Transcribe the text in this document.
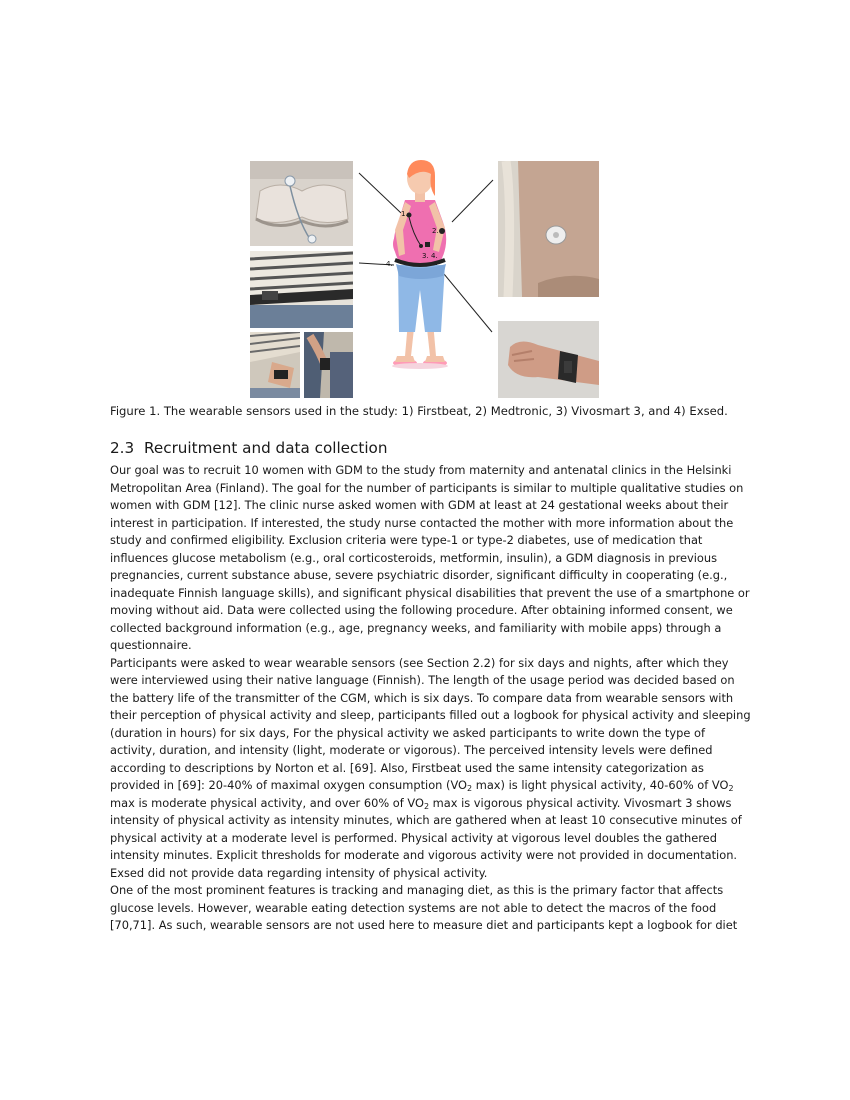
1.
2.
3. 4.
4.
Figure 1. The wearable sensors used in the study: 1) Firstbeat, 2) Medtronic, 3) Vivosmart 3, and 4) Exsed.
2.3 Recruitment and data collection
Our goal was to recruit 10 women with GDM to the study from maternity and antenatal clinics in the Helsinki
Metropolitan Area (Finland). The goal for the number of participants is similar to multiple qualitative studies on
women with GDM [12]. The clinic nurse asked women with GDM at least at 24 gestational weeks about their
interest in participation. If interested, the study nurse contacted the mother with more information about the
study and confirmed eligibility. Exclusion criteria were type-1 or type-2 diabetes, use of medication that
influences glucose metabolism (e.g., oral corticosteroids, metformin, insulin), a GDM diagnosis in previous
pregnancies, current substance abuse, severe psychiatric disorder, significant difficulty in cooperating (e.g.,
inadequate Finnish language skills), and significant physical disabilities that prevent the use of a smartphone or
moving without aid. Data were collected using the following procedure. After obtaining informed consent, we
collected background information (e.g., age, pregnancy weeks, and familiarity with mobile apps) through a
questionnaire.
Participants were asked to wear wearable sensors (see Section 2.2) for six days and nights, after which they
were interviewed using their native language (Finnish). The length of the usage period was decided based on
the battery life of the transmitter of the CGM, which is six days. To compare data from wearable sensors with
their perception of physical activity and sleep, participants filled out a logbook for physical activity and sleeping
(duration in hours) for six days, For the physical activity we asked participants to write down the type of
activity, duration, and intensity (light, moderate or vigorous). The perceived intensity levels were defined
according to descriptions by Norton et al. [69]. Also, Firstbeat used the same intensity categorization as
provided in [69]: 20-40% of maximal oxygen consumption ($VO_2$ max) is light physical activity, 40-60% of $VO_2$
max is moderate physical activity, and over 60% of $VO_2$ max is vigorous physical activity. Vivosmart 3 shows
intensity of physical activity as intensity minutes, which are gathered when at least 10 consecutive minutes of
physical activity at a moderate level is performed. Physical activity at vigorous level doubles the gathered
intensity minutes. Explicit thresholds for moderate and vigorous activity were not provided in documentation.
Exsed did not provide data regarding intensity of physical activity.
One of the most prominent features is tracking and managing diet, as this is the primary factor that affects
glucose levels. However, wearable eating detection systems are not able to detect the macros of the food
[70,71]. As such, wearable sensors are not used here to measure diet and participants kept a logbook for diet
